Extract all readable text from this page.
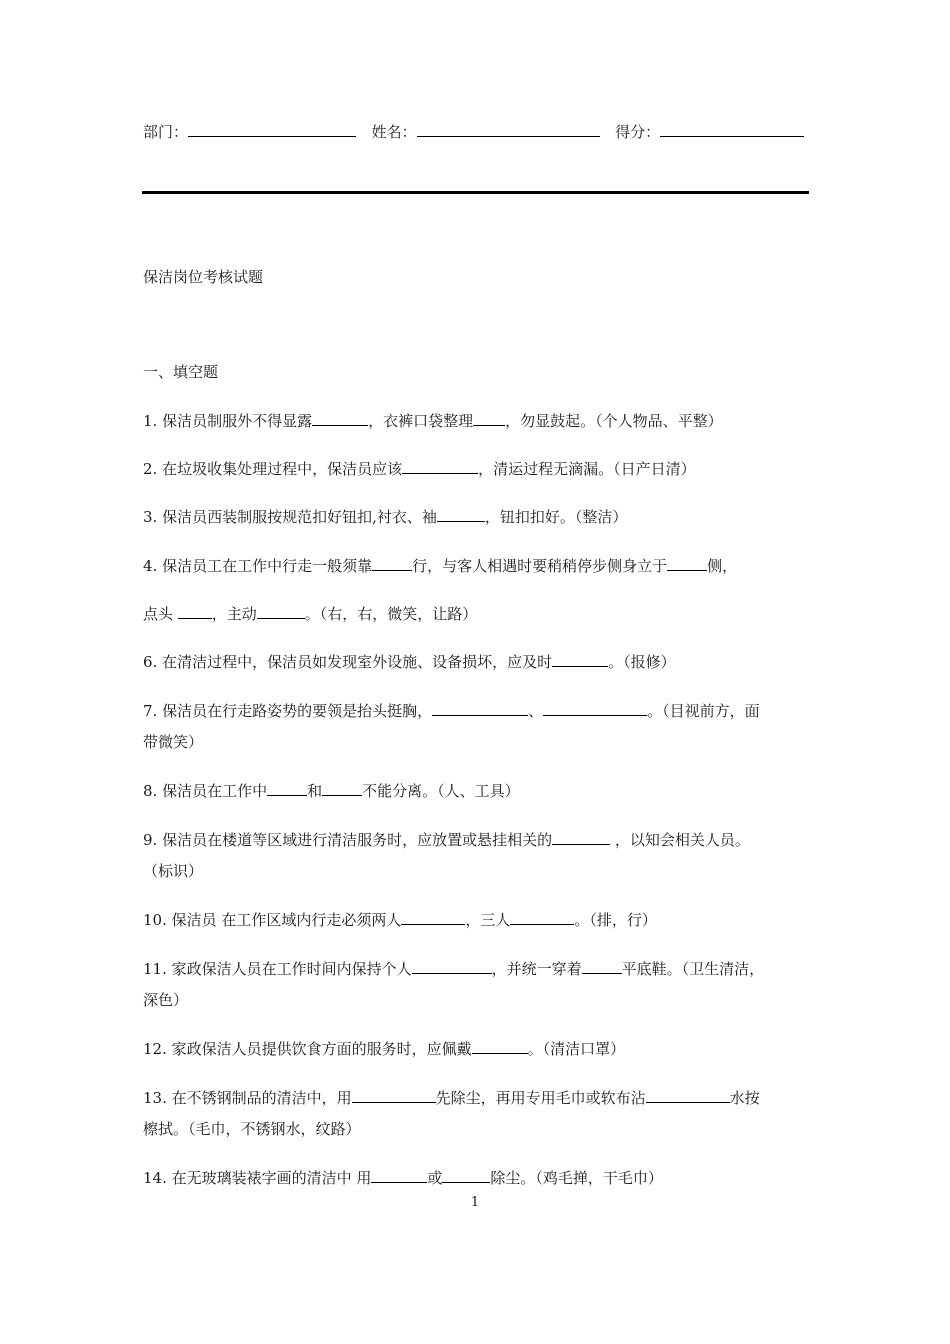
部门：	姓名：	得分：
保洁岗位考核试题
一、填空题
1. 保洁员制服外不得显露	，衣裤口袋整理 ，勿显鼓起。（个人物品、平整）
2. 在垃圾收集处理过程中，保洁员应该	，清运过程无滴漏。（日产日清）
3. 保洁员西装制服按规范扣好钮扣,衬衣、袖	，钮扣扣好。（整洁）
4. 保洁员工在工作中行走一般须靠	行，与客人相遇时要稍稍停步侧身立于	侧，
点头 ，主动	。（右，右，微笑，让路）
6. 在清洁过程中，保洁员如发现室外设施、设备损坏，应及时	。（报修）
7. 保洁员在行走路姿势的要领是抬头挺胸，	、	。（目视前方，面
带微笑）
8. 保洁员在工作中	和	不能分离。（人、工具）
9. 保洁员在楼道等区域进行清洁服务时，应放置或悬挂相关的	，以知会相关人员。
（标识）
10. 保洁员 在工作区域内行走必须两人	，三人	。（排，行）
11. 家政保洁人员在工作时间内保持个人	，并统一穿着	平底鞋。（卫生清洁，
深色）
12. 家政保洁人员提供饮食方面的服务时，应佩戴	。（清洁口罩）
13. 在不锈钢制品的清洁中，用	先除尘，再用专用毛巾或软布沾	水按
檫拭。（毛巾，不锈钢水，纹路）
14. 在无玻璃装裱字画的清洁中 用	或	除尘。（鸡毛掸，干毛巾）
1
